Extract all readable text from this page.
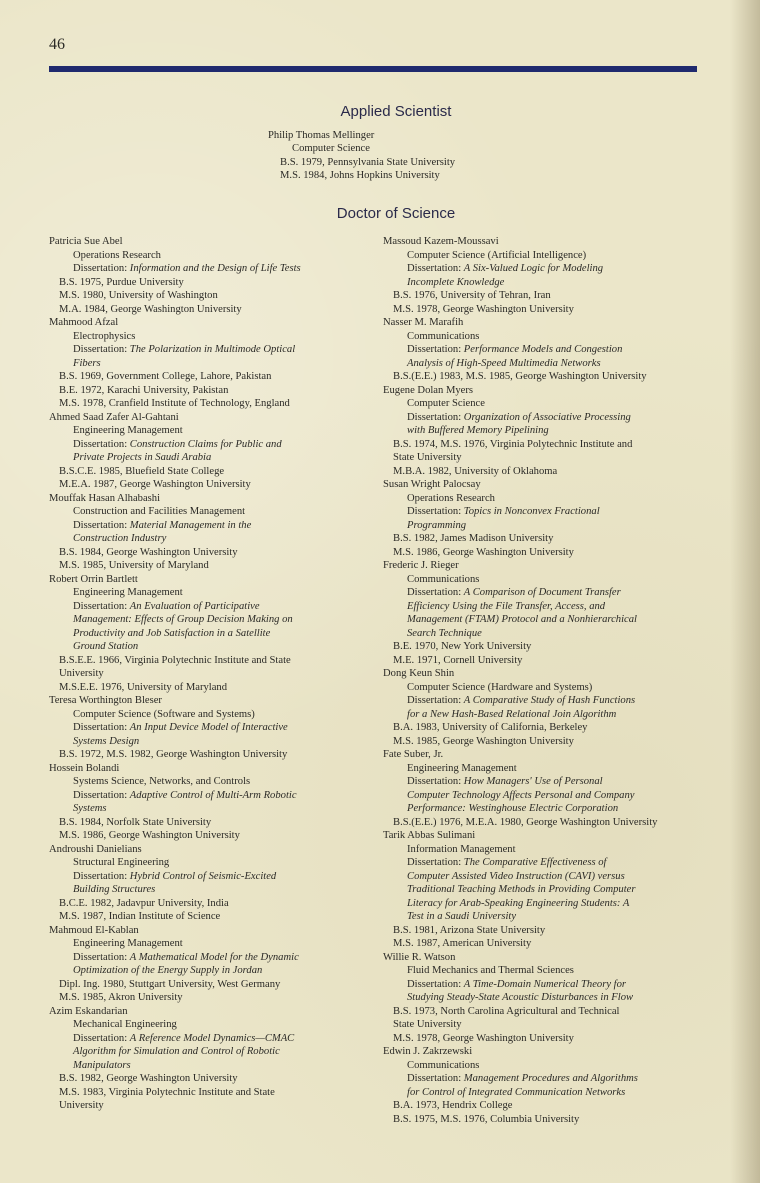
46
Applied Scientist
Philip Thomas Mellinger
Computer Science
B.S. 1979, Pennsylvania State University
M.S. 1984, Johns Hopkins University
Doctor of Science
Patricia Sue Abel
Operations Research
Dissertation: Information and the Design of Life Tests
B.S. 1975, Purdue University
M.S. 1980, University of Washington
M.A. 1984, George Washington University
Mahmood Afzal
Electrophysics
Dissertation: The Polarization in Multimode Optical
Fibers
B.S. 1969, Government College, Lahore, Pakistan
B.E. 1972, Karachi University, Pakistan
M.S. 1978, Cranfield Institute of Technology, England
Ahmed Saad Zafer Al-Gahtani
Engineering Management
Dissertation: Construction Claims for Public and
Private Projects in Saudi Arabia
B.S.C.E. 1985, Bluefield State College
M.E.A. 1987, George Washington University
Mouffak Hasan Alhabashi
Construction and Facilities Management
Dissertation: Material Management in the
Construction Industry
B.S. 1984, George Washington University
M.S. 1985, University of Maryland
Robert Orrin Bartlett
Engineering Management
Dissertation: An Evaluation of Participative
Management: Effects of Group Decision Making on
Productivity and Job Satisfaction in a Satellite
Ground Station
B.S.E.E. 1966, Virginia Polytechnic Institute and State
University
M.S.E.E. 1976, University of Maryland
Teresa Worthington Bleser
Computer Science (Software and Systems)
Dissertation: An Input Device Model of Interactive
Systems Design
B.S. 1972, M.S. 1982, George Washington University
Hossein Bolandi
Systems Science, Networks, and Controls
Dissertation: Adaptive Control of Multi-Arm Robotic
Systems
B.S. 1984, Norfolk State University
M.S. 1986, George Washington University
Androushi Danielians
Structural Engineering
Dissertation: Hybrid Control of Seismic-Excited
Building Structures
B.C.E. 1982, Jadavpur University, India
M.S. 1987, Indian Institute of Science
Mahmoud El-Kablan
Engineering Management
Dissertation: A Mathematical Model for the Dynamic
Optimization of the Energy Supply in Jordan
Dipl. Ing. 1980, Stuttgart University, West Germany
M.S. 1985, Akron University
Azim Eskandarian
Mechanical Engineering
Dissertation: A Reference Model Dynamics—CMAC
Algorithm for Simulation and Control of Robotic
Manipulators
B.S. 1982, George Washington University
M.S. 1983, Virginia Polytechnic Institute and State
University
Massoud Kazem-Moussavi
Computer Science (Artificial Intelligence)
Dissertation: A Six-Valued Logic for Modeling
Incomplete Knowledge
B.S. 1976, University of Tehran, Iran
M.S. 1978, George Washington University
Nasser M. Marafih
Communications
Dissertation: Performance Models and Congestion
Analysis of High-Speed Multimedia Networks
B.S.(E.E.) 1983, M.S. 1985, George Washington University
Eugene Dolan Myers
Computer Science
Dissertation: Organization of Associative Processing
with Buffered Memory Pipelining
B.S. 1974, M.S. 1976, Virginia Polytechnic Institute and
State University
M.B.A. 1982, University of Oklahoma
Susan Wright Palocsay
Operations Research
Dissertation: Topics in Nonconvex Fractional
Programming
B.S. 1982, James Madison University
M.S. 1986, George Washington University
Frederic J. Rieger
Communications
Dissertation: A Comparison of Document Transfer
Efficiency Using the File Transfer, Access, and
Management (FTAM) Protocol and a Nonhierarchical
Search Technique
B.E. 1970, New York University
M.E. 1971, Cornell University
Dong Keun Shin
Computer Science (Hardware and Systems)
Dissertation: A Comparative Study of Hash Functions
for a New Hash-Based Relational Join Algorithm
B.A. 1983, University of California, Berkeley
M.S. 1985, George Washington University
Fate Suber, Jr.
Engineering Management
Dissertation: How Managers' Use of Personal
Computer Technology Affects Personal and Company
Performance: Westinghouse Electric Corporation
B.S.(E.E.) 1976, M.E.A. 1980, George Washington University
Tarik Abbas Sulimani
Information Management
Dissertation: The Comparative Effectiveness of
Computer Assisted Video Instruction (CAVI) versus
Traditional Teaching Methods in Providing Computer
Literacy for Arab-Speaking Engineering Students: A
Test in a Saudi University
B.S. 1981, Arizona State University
M.S. 1987, American University
Willie R. Watson
Fluid Mechanics and Thermal Sciences
Dissertation: A Time-Domain Numerical Theory for
Studying Steady-State Acoustic Disturbances in Flow
B.S. 1973, North Carolina Agricultural and Technical
State University
M.S. 1978, George Washington University
Edwin J. Zakrzewski
Communications
Dissertation: Management Procedures and Algorithms
for Control of Integrated Communication Networks
B.A. 1973, Hendrix College
B.S. 1975, M.S. 1976, Columbia University
